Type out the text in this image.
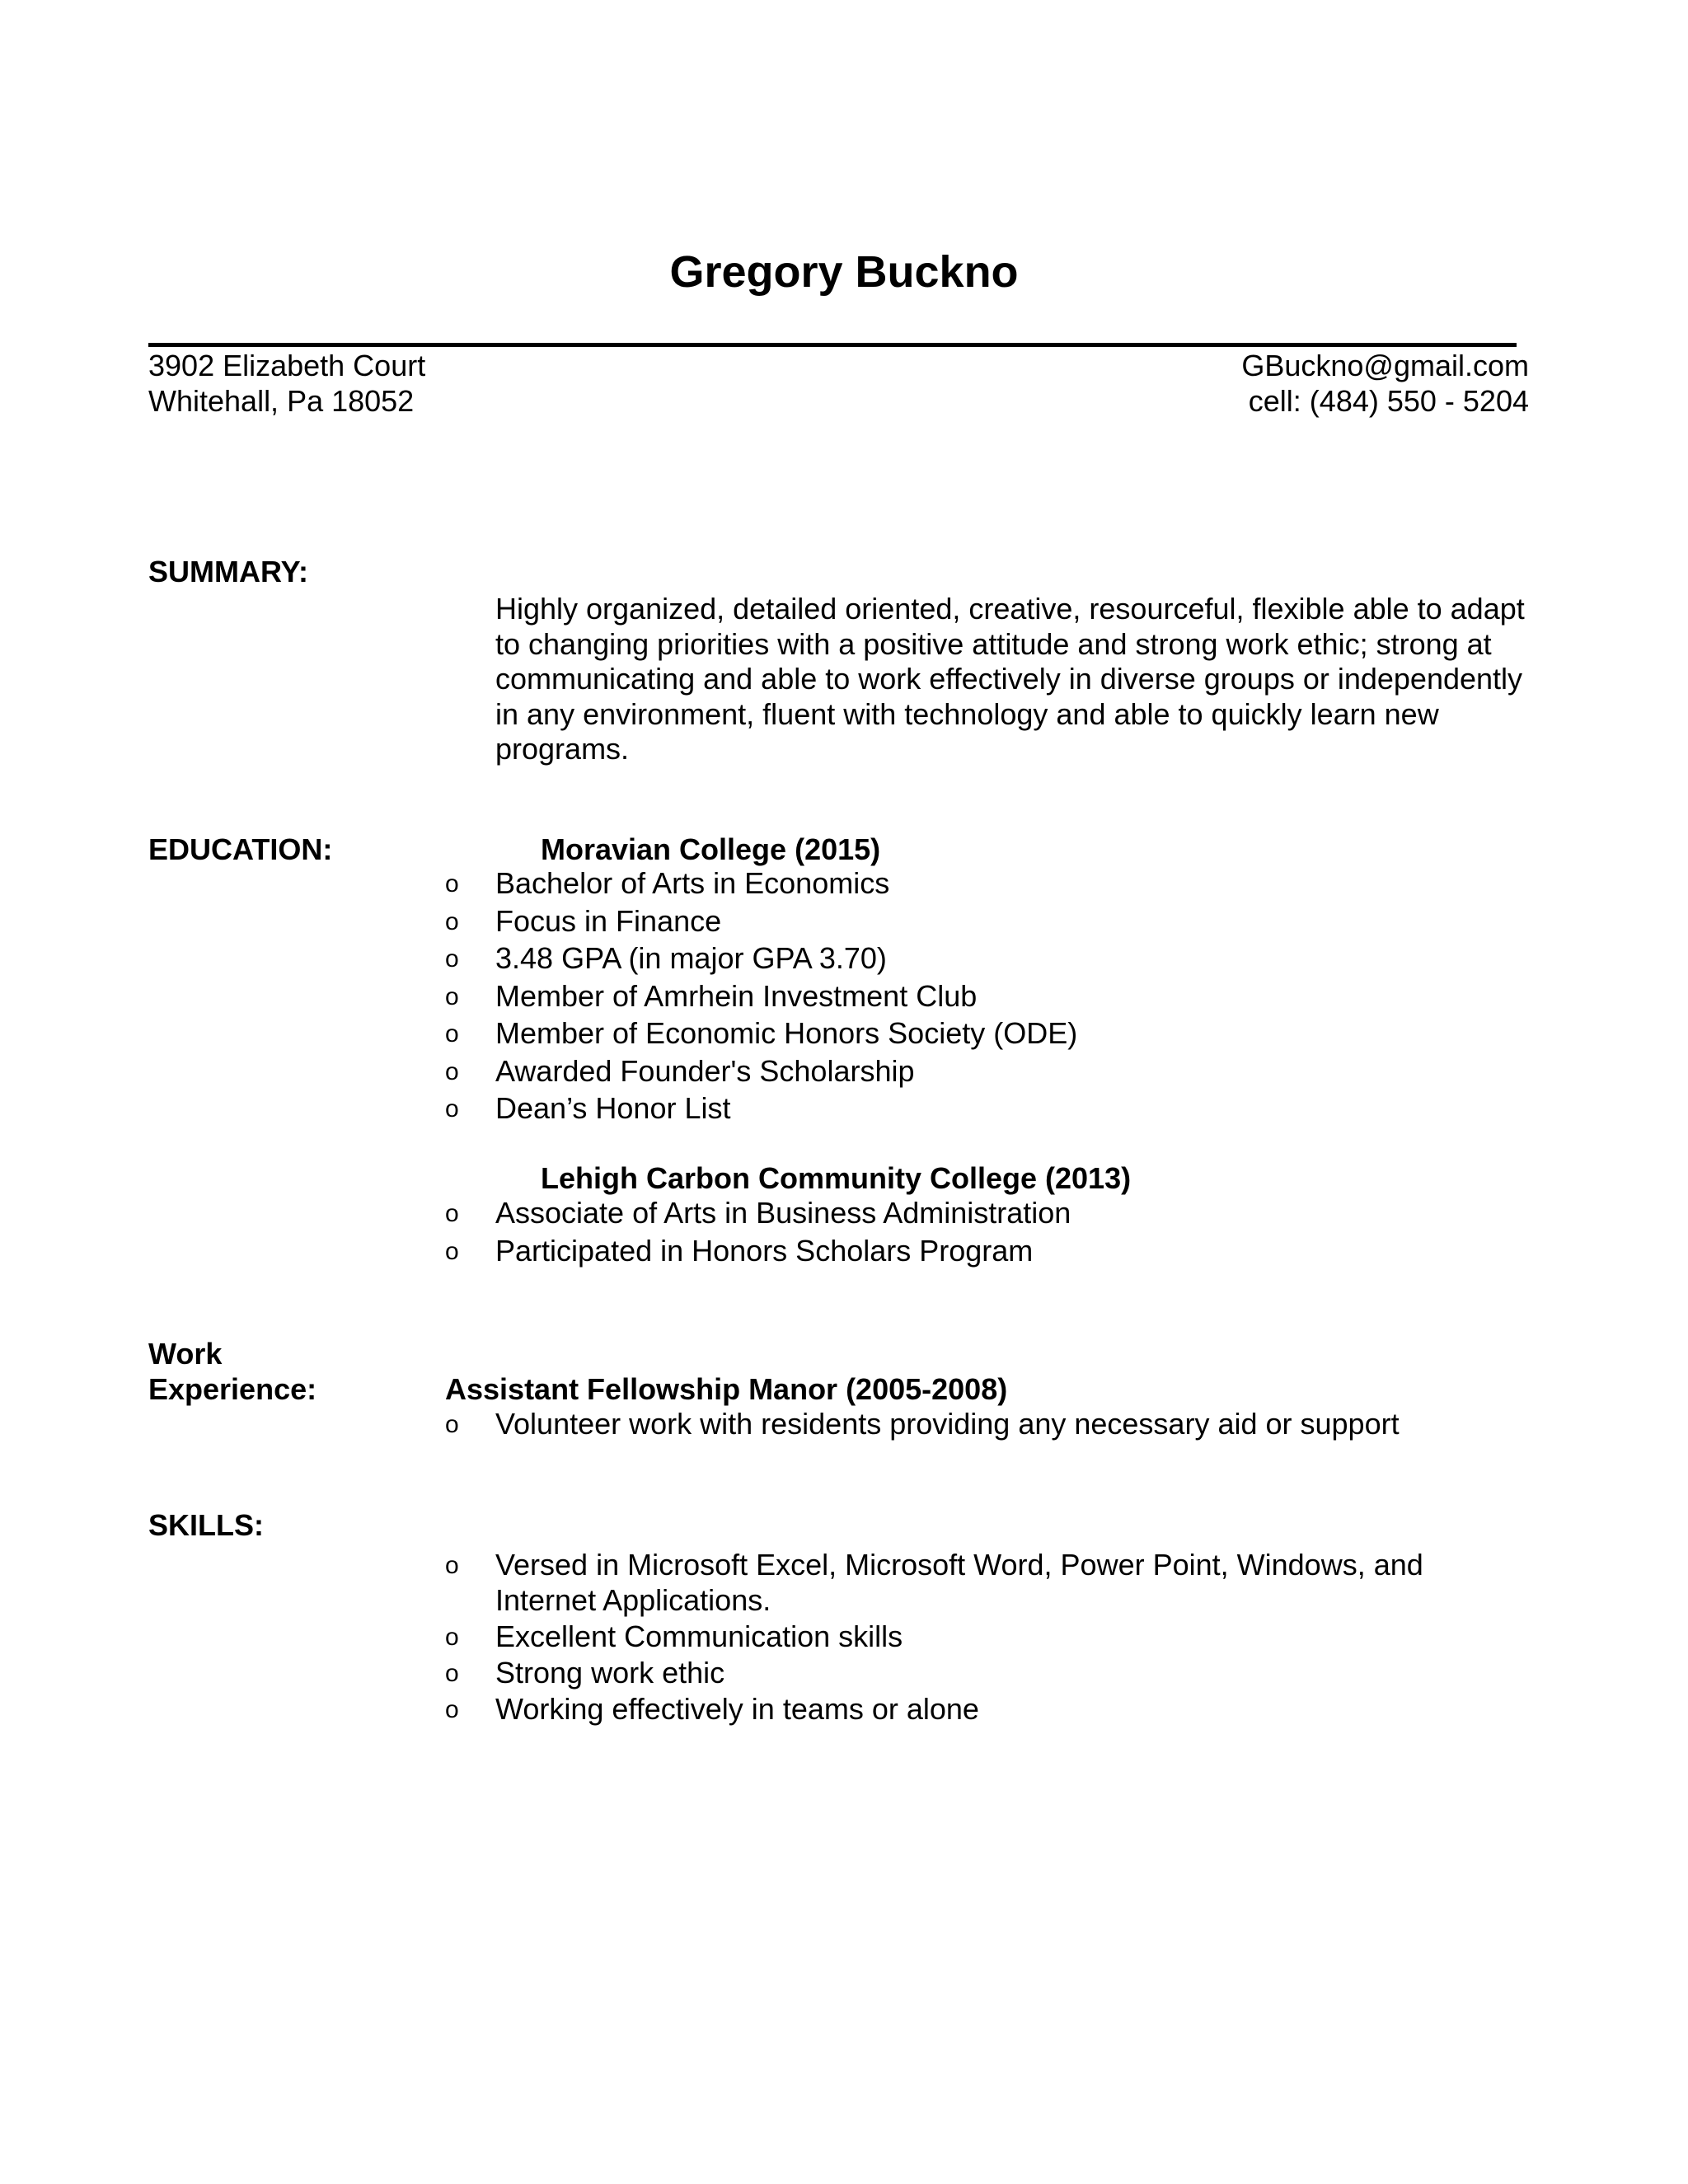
Gregory Buckno
3902 Elizabeth Court
Whitehall, Pa 18052
GBuckno@gmail.com
cell: (484) 550 - 5204
SUMMARY:
Highly organized, detailed oriented, creative, resourceful, flexible able to adapt to changing priorities with a positive attitude and strong work ethic; strong at communicating and able to work effectively in diverse groups or independently in any environment, fluent with technology and able to quickly learn new programs.
EDUCATION:	Moravian College (2015)
o Bachelor of Arts in Economics
o Focus in Finance
o 3.48 GPA (in major GPA 3.70)
o Member of Amrhein Investment Club
o Member of Economic Honors Society (ODE)
o Awarded Founder's Scholarship
o Dean’s Honor List
Lehigh Carbon Community College (2013)
o Associate of Arts in Business Administration
o Participated in Honors Scholars Program
Work
Experience:	Assistant Fellowship Manor (2005-2008)
o Volunteer work with residents providing any necessary aid or support
SKILLS:
o Versed in Microsoft Excel, Microsoft Word, Power Point, Windows, and Internet Applications.
o Excellent Communication skills
o Strong work ethic
o Working effectively in teams or alone
